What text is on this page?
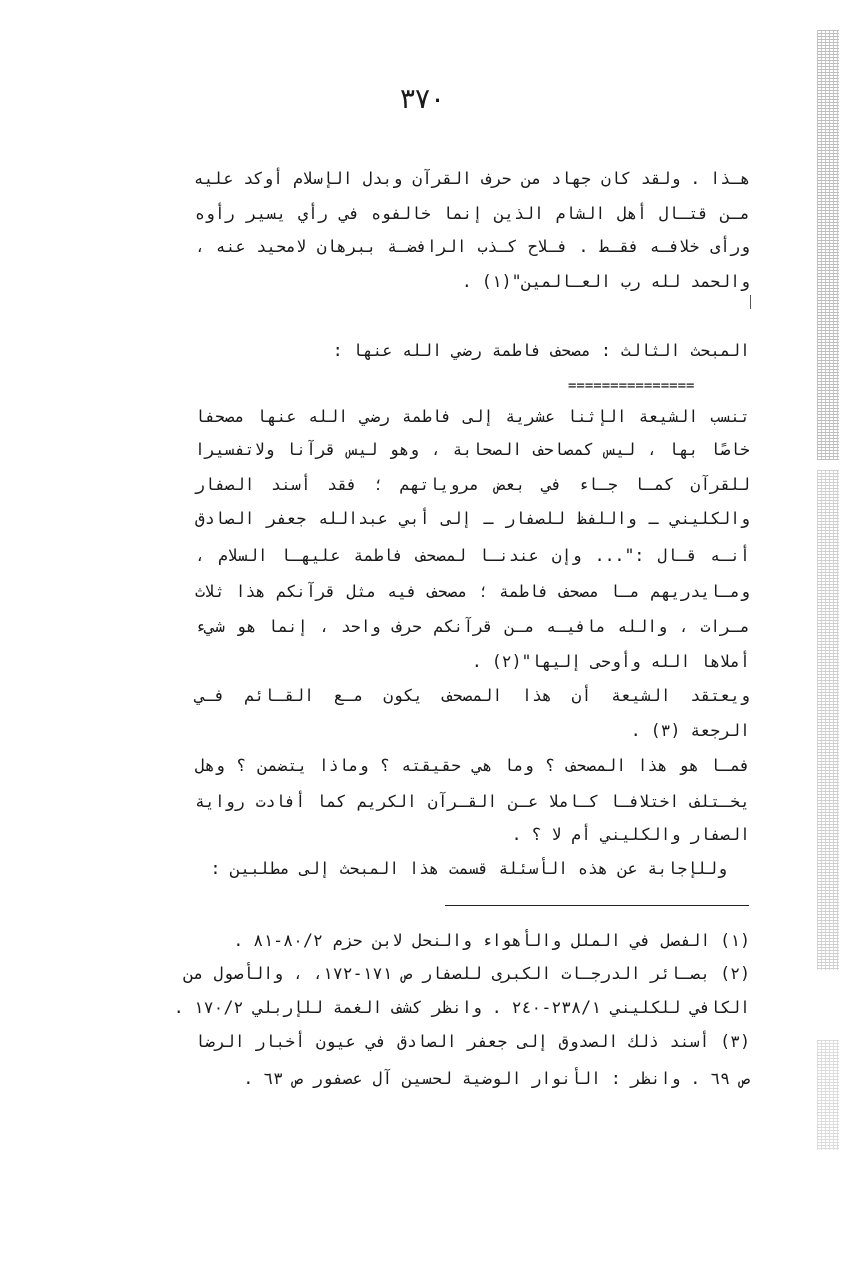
٣٧٠
هـذا . ولقد كان جهاد من حرف القرآن وبدل الإسلام أوكد عليه
مـن قتـال أهل الشام الذين إنما خالفوه في رأي يسير رأوه
ورأى خلافـه فقـط . فـلاح كـذب الرافضـة ببرهان لامحيد عنه ،
والحمد لله رب العـالمين"(١) .
المبحث الثالث : مصحف فاطمة رضي الله عنها :
===============
تنسب الشيعة الإثنا عشرية إلى فاطمة رضي الله عنها مصحفا
خاصًا بها ، ليس كمصاحف الصحابة ، وهو ليس قرآنا ولاتفسيرا
للقرآن كمـا جـاء في بعض مروياتهم ؛ فقد أسند الصفار
والكليني ـ واللفظ للصفار ـ إلى أبي عبدالله جعفر الصادق
أنـه قـال :"... وإن عندنـا لمصحف فاطمة عليهـا السلام ،
ومـايدريهم مـا مصحف فاطمة ؛ مصحف فيه مثل قرآنكم هذا ثلاث
مـرات ، والله مافيـه مـن قرآنكم حرف واحد ، إنما هو شيء
أملاها الله وأوحى إليها"(٢) .
ويعتقد الشيعة أن هذا المصحف يكون مـع القـائم فـي
الرجعة (٣) .
فمـا هو هذا المصحف ؟ وما هي حقيقته ؟ وماذا يتضمن ؟ وهل
يخـتلف اختلافـا كـاملا عـن القـرآن الكريم كما أفادت رواية
الصفار والكليني أم لا ؟ .
وللإجابة عن هذه الأسئلة قسمت هذا المبحث إلى مطلبين :
(١) الفصل في الملل والأهواء والنحل لابن حزم ٨٠/٢-٨١ .
(٢) بصـائر الدرجـات الكبرى للصفار ص ١٧١-١٧٢، ، والأصول من
الكافي للكليني ٢٣٨/١-٢٤٠ . وانظر كشف الغمة للإربلي ١٧٠/٢ .
(٣) أسند ذلك الصدوق إلى جعفر الصادق في عيون أخبار الرضا
ص ٦٩ . وانظر : الأنوار الوضية لحسين آل عصفور ص ٦٣ .
